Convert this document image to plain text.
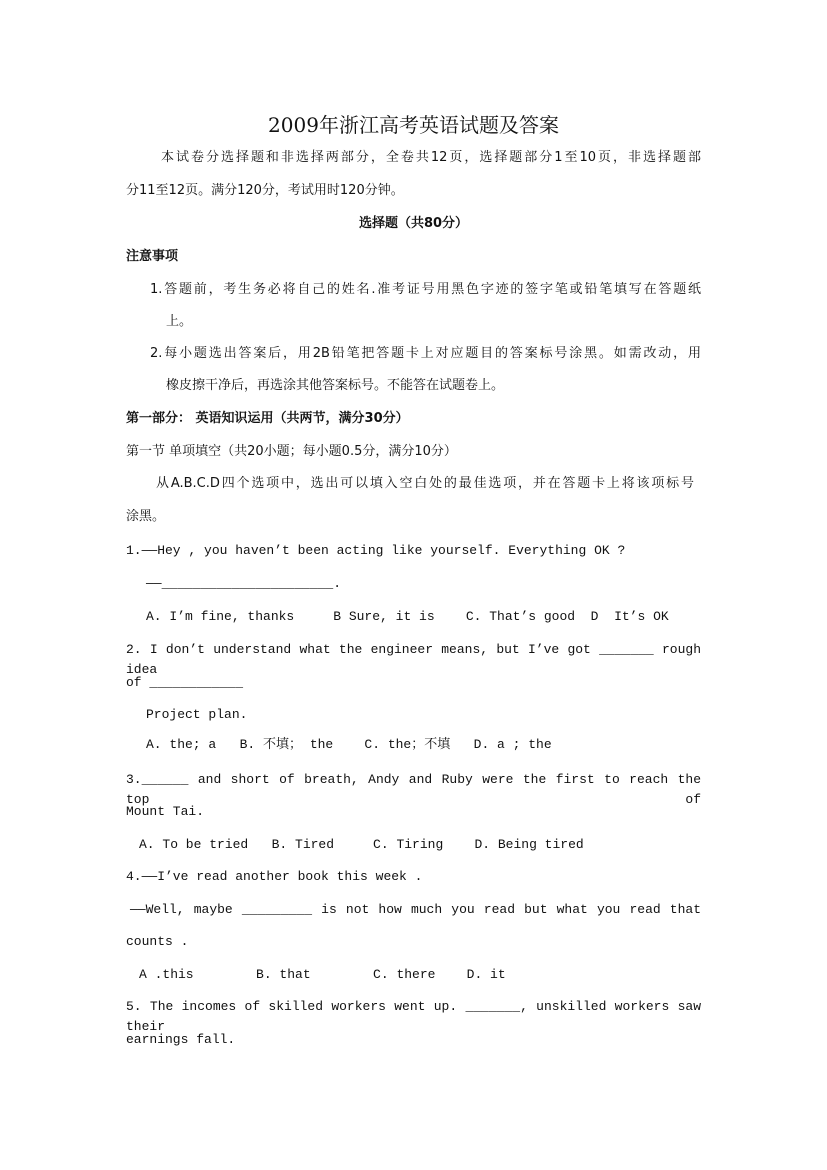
2009年浙江高考英语试题及答案
本试卷分选择题和非选择两部分，全卷共12页，选择题部分1至10页，非选择题部
分11至12页。满分120分，考试用时120分钟。
选择题（共80分）
注意事项
1.答题前，考生务必将自己的姓名.准考证号用黑色字迹的签字笔或铅笔填写在答题纸
上。
2.每小题选出答案后，用2B铅笔把答题卡上对应题目的答案标号涂黑。如需改动，用
橡皮擦干净后，再选涂其他答案标号。不能答在试题卷上。
第一部分： 英语知识运用（共两节，满分30分）
第一节 单项填空（共20小题；每小题0.5分，满分10分）
从A.B.C.D四个选项中，选出可以填入空白处的最佳选项，并在答题卡上将该项标号
涂黑。
1.——Hey , you haven’t been acting like yourself. Everything OK ?
——______________________.
A. I’m fine, thanks     B Sure, it is    C. That’s good  D  It’s OK
2. I don’t understand what the engineer means, but I’ve got _______ rough idea
of ____________
Project plan.
A. the; a   B. 不填； the    C. the；不填   D. a ; the
3.______ and short of breath, Andy and Ruby were the first to reach the top of
Mount Tai.
A. To be tried   B. Tired     C. Tiring    D. Being tired
4.——I’ve read another book this week .
——Well, maybe _________ is not how much you read but what you read that
counts .
A .this        B. that        C. there    D. it
5. The incomes of skilled workers went up. _______, unskilled workers saw their
earnings fall.
